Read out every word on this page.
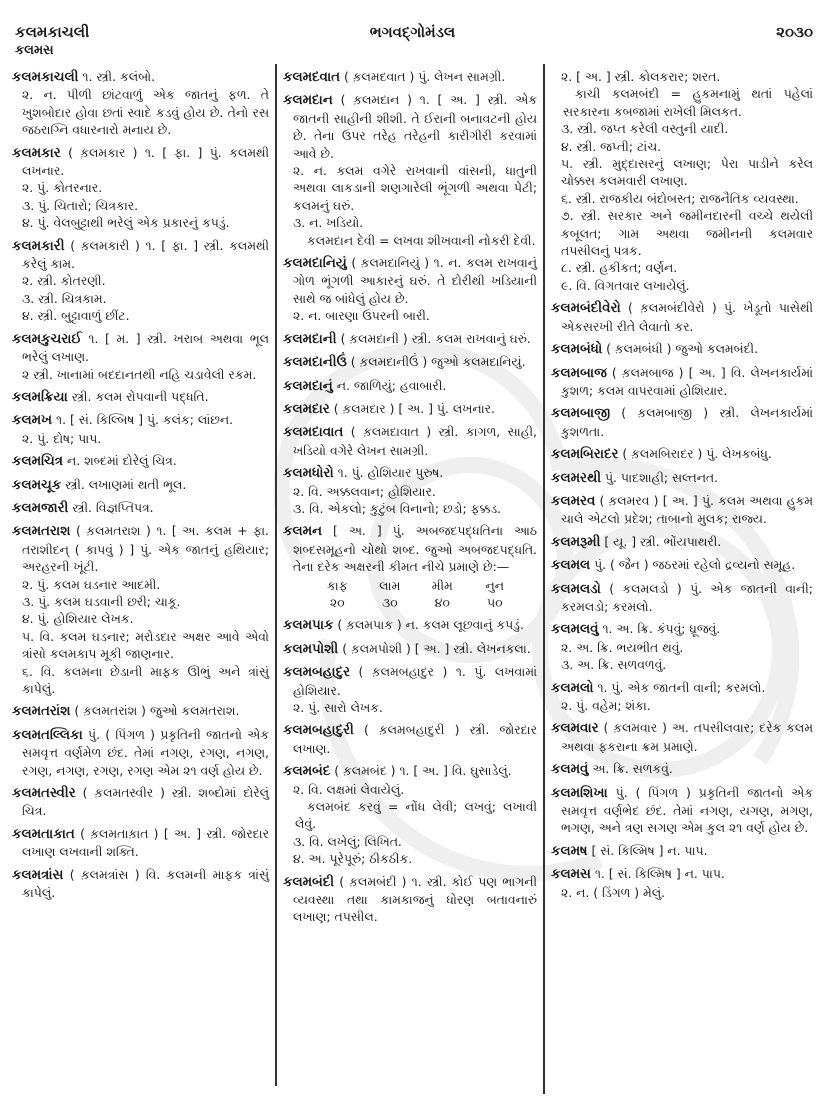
કલમકાચલી
કલમસ
ભગવદ્ગોમંડલ	૨૦૩૦

કલમકાચલી ૧. સ્ત્રી. કલંબો.

૨. ન. પીળી છાંટવાળું એક જાતનું ફળ. તે ખુશબોદાર હોવા છતાં સ્વાદે કડવું હોય છે. તેનો રસ જઠરાગ્નિ વધારનારો મનાય છે.

કલમકાર ( ક઼લમકાર ) ૧. [ ફા. ] પું. કલમથી લખનાર.

૨. પું. કોતરનાર.

૩. પું. ચિતારો; ચિત્રકાર.

૪. પું. વેલબુટ્ટાથી ભરેલું એક પ્રકારનું કપડું.

કલમકારી ( ક઼લમકારી ) ૧. [ ફા. ] સ્ત્રી. કલમથી કરેલું કામ.

૨. સ્ત્રી. કોતરણી.

૩. સ્ત્રી. ચિત્રકામ.

૪. સ્ત્રી. બુટ્ટાવાળું છીંટ.

કલમકુચરાઈ ૧. [ મ. ] સ્ત્રી. ખરાબ અથવા ભૂલ ભરેલું લખાણ.

૨ સ્ત્રી. ખાનામાં બદદાનતથી નહિ ચડાવેલી રકમ.

કલમક્રિયા સ્ત્રી. કલમ રોપવાની પદ્ધતિ.

કલમખ ૧. [ સં. કિલ્બિષ ] પું. કલંક; લાંછન.

૨. પું. દોષ; પાપ.

કલમચિત્ર ન. શબ્દમાં દોરેલું ચિત્ર.

કલમચૂક સ્ત્રી. લખાણમાં થતી ભૂલ.

કલમજારી સ્ત્રી. વિજ્ઞપ્તિપત્ર.

કલમતરાશ ( ક઼લમતરાશ ) ૧. [ અ. કલમ + ફા. તરાશીદન્ ( કાપવું ) ] પું. એક જાતનું હથિયાર; અરહરની ખૂંટી.

૨. પું. કલમ ઘડનાર આદમી.

૩. પું. કલમ ઘડવાની છરી; ચાકૂ.

૪. પું. હોશિયાર લેખક.

૫. વિ. કલમ ઘડનાર; મરોડદાર અક્ષર આવે એવો ત્રાંસો કલમકાપ મૂકી જાણનાર.

૬. વિ. કલમના છેડાની માફક ઊભું અને ત્રાંસું કાપેલું.

કલમતરાંશ ( ક઼લમતરાંશ ) જુઓ કલમતરાશ.

કલમતલ્લિકા પું. ( પિંગળ ) પ્રકૃતિની જાતનો એક સમવૃત્ત વર્ણમેળ છંદ. તેમાં નગણ, રગણ, નગણ, રગણ, નગણ, રગણ, રગણ એમ ૨૧ વર્ણ હોય છે.

કલમતસ્વીર ( ક઼લમતસ્વીર ) સ્ત્રી. શબ્દોમાં દોરેલું ચિત્ર.

કલમતાકાત ( ક઼લમતાક઼ાત ) [ અ. ] સ્ત્રી. જોરદાર લખાણ લખવાની શક્તિ.

કલમત્રાંસ ( ક઼લમત્રાંસ ) વિ. કલમની માફક ત્રાંસું કાપેલું.

કલમદવાત ( ક઼લમદવાત ) પું. લેખન સામગ્રી.

કલમદાન ( ક઼લમદાન ) ૧. [ અ. ] સ્ત્રી. એક જાતની સાહીની શીશી. તે ઈરાની બનાવટની હોય છે. તેના ઉપર તરેહ તરેહની કારીગીરી કરવામાં આવે છે.

૨. ન. કલમ વગેરે રાખવાની વાંસની, ધાતુની અથવા લાકડાની શણગારેલી ભૂંગળી અથવા પેટી; કલમનું ઘરું.

૩. ન. ખડિયો.

કલમદાન દેવી = લખવા શીખવાની નોકરી દેવી.

કલમદાનિયું ( ક઼લમદાનિયું ) ૧. ન. કલમ રાખવાનું ગોળ ભૂંગળી આકારનું ઘરું. તે દોરીથી ખડિયાની સાથે જ બાંધેલું હોય છે.

૨. ન. બારણા ઉપરની બારી.

કલમદાની ( ક઼લમદાની ) સ્ત્રી. કલમ રાખવાનું ઘરું.

કલમદાનીઉં ( ક઼લમદાનીઉં ) જુઓ કલમદાનિયું.

કલમદાનું ન. જાળિયું; હવાબારી.

કલમદાર ( ક઼લમદાર ) [ અ. ] પું. લખનાર.

કલમદાવાત ( ક઼લમદાવાત ) સ્ત્રી. કાગળ, સાહી, ખડિયો વગેરે લેખન સામગ્રી.

કલમધોરો ૧. પું. હોશિયાર પુરુષ.

૨. વિ. અક્કલવાન; હોશિયાર.

૩. વિ. એકલો; કુટુંબ વિનાનો; છડો; ફક્કડ.

કલમન [ અ. ] પું. અબજદપદ્ધતિના આઠ શબ્દસમૂહનો ચોથો શબ્દ. જુઓ અબજદપદ્ધતિ. તેના દરેક અક્ષરની કીમત નીચે પ્રમાણે છે:—

કાફ	લામ	મીમ	નુન
૨૦	૩૦	૪૦	૫૦

કલમપાક ( ક઼લમપાક ) ન. કલમ લૂછવાનું કપડું.

કલમપોશી ( ક઼લમપોશી ) [ અ. ] સ્ત્રી. લેખનકલા.

કલમબહાદુર ( ક઼લમબહાદુર ) ૧. પું. લખવામાં હોશિયાર.

૨. પું. સારો લેખક.

કલમબહાદુરી ( ક઼લમબહાદુરી ) સ્ત્રી. જોરદાર લખાણ.

કલમબંદ ( ક઼લમબંદ ) ૧. [ અ. ] વિ. ઘુસાડેલું.

૨. વિ. લક્ષમાં લેવાયેલું.

કલમબંદ કરવું = નોંધ લેવી; લખવું; લખાવી લેવું.

૩. વિ. લખેલું; લિખિત.

૪. અ. પૂરેપૂરું; ઠીકઠીક.

કલમબંદી ( ક઼લમબંદી ) ૧. સ્ત્રી. કોઈ પણ ભાગની વ્યવસ્થા તથા કામકાજનું ધોરણ બતાવનારું લખાણ; તપસીલ.

૨. [ અ. ] સ્ત્રી. કોલકરાર; શરત.

કાચી કલમબંદી = હુકમનામું થતાં પહેલાં સરકારના કબજામાં રાખેલી મિલકત.

૩. સ્ત્રી. જપ્ત કરેલી વસ્તુની યાદી.

૪. સ્ત્રી. જપ્તી; ટાંચ.

૫. સ્ત્રી. મુદ્દાસરનું લખાણ; પેરા પાડીને કરેલ ચોક્કસ કલમવારી લખાણ.

૬. સ્ત્રી. રાજકીય બંદોબસ્ત; રાજનૈતિક વ્યવસ્થા.

૭. સ્ત્રી. સરકાર અને જમીનદારની વચ્ચે થયેલી કબૂલત; ગામ અથવા જમીનની કલમવાર તપસીલનું પત્રક.

૮. સ્ત્રી. હકીકત; વર્ણન.

૯. વિ. વિગતવાર લખાયેલું.

કલમબંદીવેરો ( ક઼લમબંદીવેરો ) પું. ખેડૂતો પાસેથી એકસરખી રીતે લેવાતો કર.

કલમબંધો ( ક઼લમબંધી ) જુઓ કલમબંદી.

કલમબાજ ( ક઼લમબાજ ) [ અ. ] વિ. લેખનકાર્યમાં કુશળ; કલમ વાપરવામાં હોશિયાર.

કલમબાજી ( ક઼લમબાજી ) સ્ત્રી. લેખનકાર્યમાં કુશળતા.

કલમબિરાદર ( ક઼લમબિરાદર ) પું. લેખકબંધુ.

કલમરથી પું. પાદશાહી; સલ્તનત.

કલમરવ ( ક઼લમરવ ) [ અ. ] પું. કલમ અથવા હુકમ ચાલે એટલો પ્રદેશ; તાબાનો મુલક; રાજ્ય.

કલમરૂમી [ યૂ. ] સ્ત્રી. ભોંયપાથરી.

કલમલ પું. ( જૈન ) જઠરમાં રહેલો દ્રવ્યનો સમૂહ.

કલમલડો ( કલમલડો ) પું. એક જાતની વાની; કરમલડો; કરમલો.

કલમલવું ૧. અ. ક્રિ. કંપવું; ધ્રૂજવું.

૨. અ. ક્રિ. ભયભીત થવું.

૩. અ. ક્રિ. સળવળવું.

કલમલો ૧. પું. એક જાતની વાની; કરમલો.

૨. પું. વહેમ; શંકા.

કલમવાર ( ક઼લમવાર ) અ. તપસીલવાર; દરેક કલમ અથવા ફકરાના ક્રમ પ્રમાણે.

કલમવું અ. ક્રિ. સળકવું.

કલમશિખા પું. ( પિંગળ ) પ્રકૃતિની જાતનો એક સમવૃત્ત વર્ણભેદ છંદ. તેમાં નગણ, યગણ, મગણ, ભગણ, અને ત્રણ સગણ એમ કુલ ૨૧ વર્ણ હોય છે.

કલમષ [ સં. કિલ્મિષ ] ન. પાપ.

કલમસ ૧. [ સં. કિલ્મિષ ] ન. પાપ.

૨. ન. ( ડિંગળ ) મેલું.
